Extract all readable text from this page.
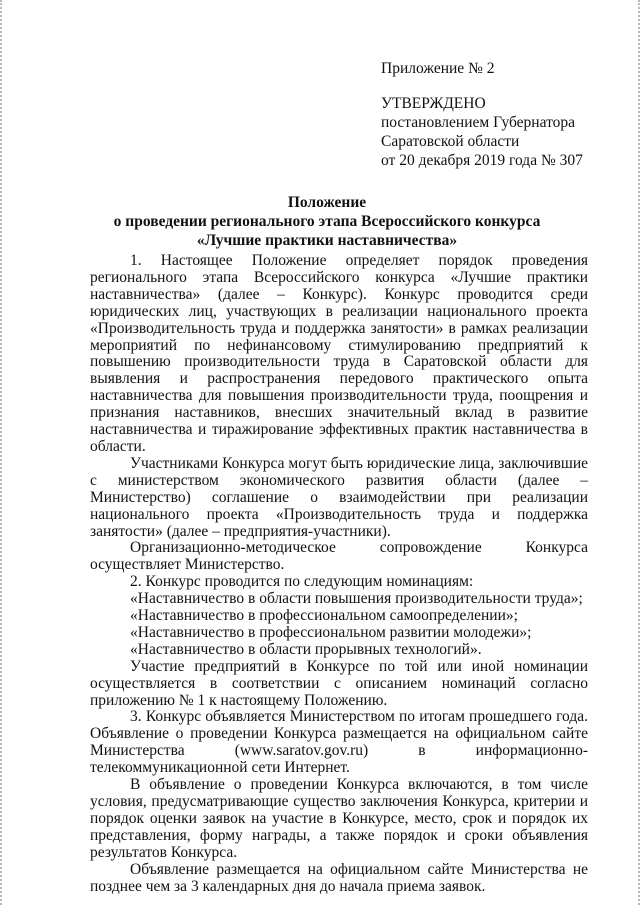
Приложение № 2
УТВЕРЖДЕНО
постановлением Губернатора
Саратовской области
от 20 декабря 2019 года № 307
Положение
о проведении регионального этапа Всероссийского конкурса
«Лучшие практики наставничества»

1. Настоящее Положение определяет порядок проведения регионального этапа Всероссийского конкурса «Лучшие практики наставничества» (далее – Конкурс). Конкурс проводится среди юридических лиц, участвующих в реализации национального проекта «Производительность труда и поддержка занятости» в рамках реализации мероприятий по нефинансовому стимулированию предприятий к повышению производительности труда в Саратовской области для выявления и распространения передового практического опыта наставничества для повышения производительности труда, поощрения и признания наставников, внесших значительный вклад в развитие наставничества и тиражирование эффективных практик наставничества в области.

Участниками Конкурса могут быть юридические лица, заключившие с министерством экономического развития области (далее – Министерство) соглашение о взаимодействии при реализации национального проекта «Производительность труда и поддержка занятости» (далее – предприятия-участники).

Организационно-методическое сопровождение Конкурса осуществляет Министерство.

2. Конкурс проводится по следующим номинациям:

«Наставничество в области повышения производительности труда»;

«Наставничество в профессиональном самоопределении»;

«Наставничество в профессиональном развитии молодежи»;

«Наставничество в области прорывных технологий».

Участие предприятий в Конкурсе по той или иной номинации осуществляется в соответствии с описанием номинаций согласно приложению № 1 к настоящему Положению.

3. Конкурс объявляется Министерством по итогам прошедшего года. Объявление о проведении Конкурса размещается на официальном сайте Министерства (www.saratov.gov.ru) в информационно-телекоммуникационной сети Интернет.

В объявление о проведении Конкурса включаются, в том числе условия, предусматривающие существо заключения Конкурса, критерии и порядок оценки заявок на участие в Конкурсе, место, срок и порядок их представления, форму награды, а также порядок и сроки объявления результатов Конкурса.

Объявление размещается на официальном сайте Министерства не позднее чем за 3 календарных дня до начала приема заявок.
